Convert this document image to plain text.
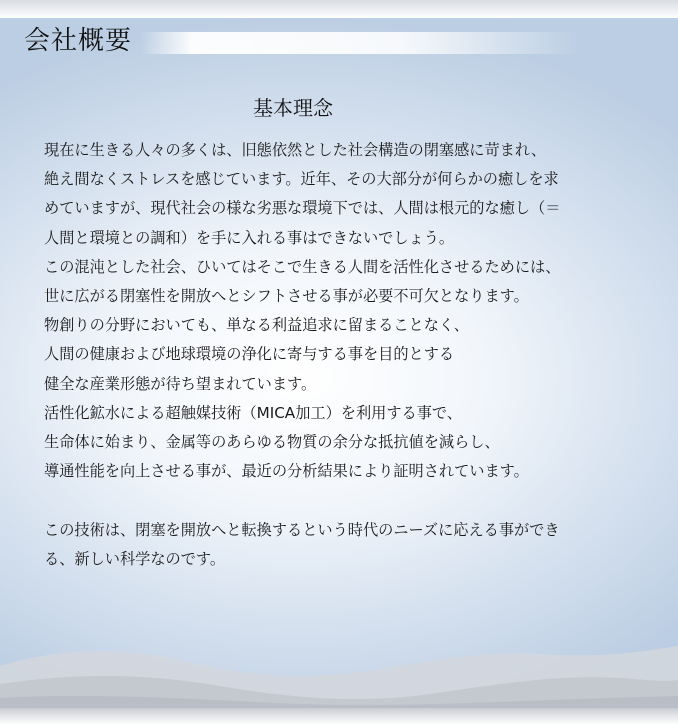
会社概要
基本理念
現在に生きる人々の多くは、旧態依然とした社会構造の閉塞感に苛まれ、
絶え間なくストレスを感じています。近年、その大部分が何らかの癒しを求
めていますが、現代社会の様な劣悪な環境下では、人間は根元的な癒し（＝
人間と環境との調和）を手に入れる事はできないでしょう。
この混沌とした社会、ひいてはそこで生きる人間を活性化させるためには、
世に広がる閉塞性を開放へとシフトさせる事が必要不可欠となります。
物創りの分野においても、単なる利益追求に留まることなく、
人間の健康および地球環境の浄化に寄与する事を目的とする
健全な産業形態が待ち望まれています。
活性化鉱水による超触媒技術（MICA加工）を利用する事で、
生命体に始まり、金属等のあらゆる物質の余分な抵抗値を減らし、
導通性能を向上させる事が、最近の分析結果により証明されています。
この技術は、閉塞を開放へと転換するという時代のニーズに応える事ができ
る、新しい科学なのです。
